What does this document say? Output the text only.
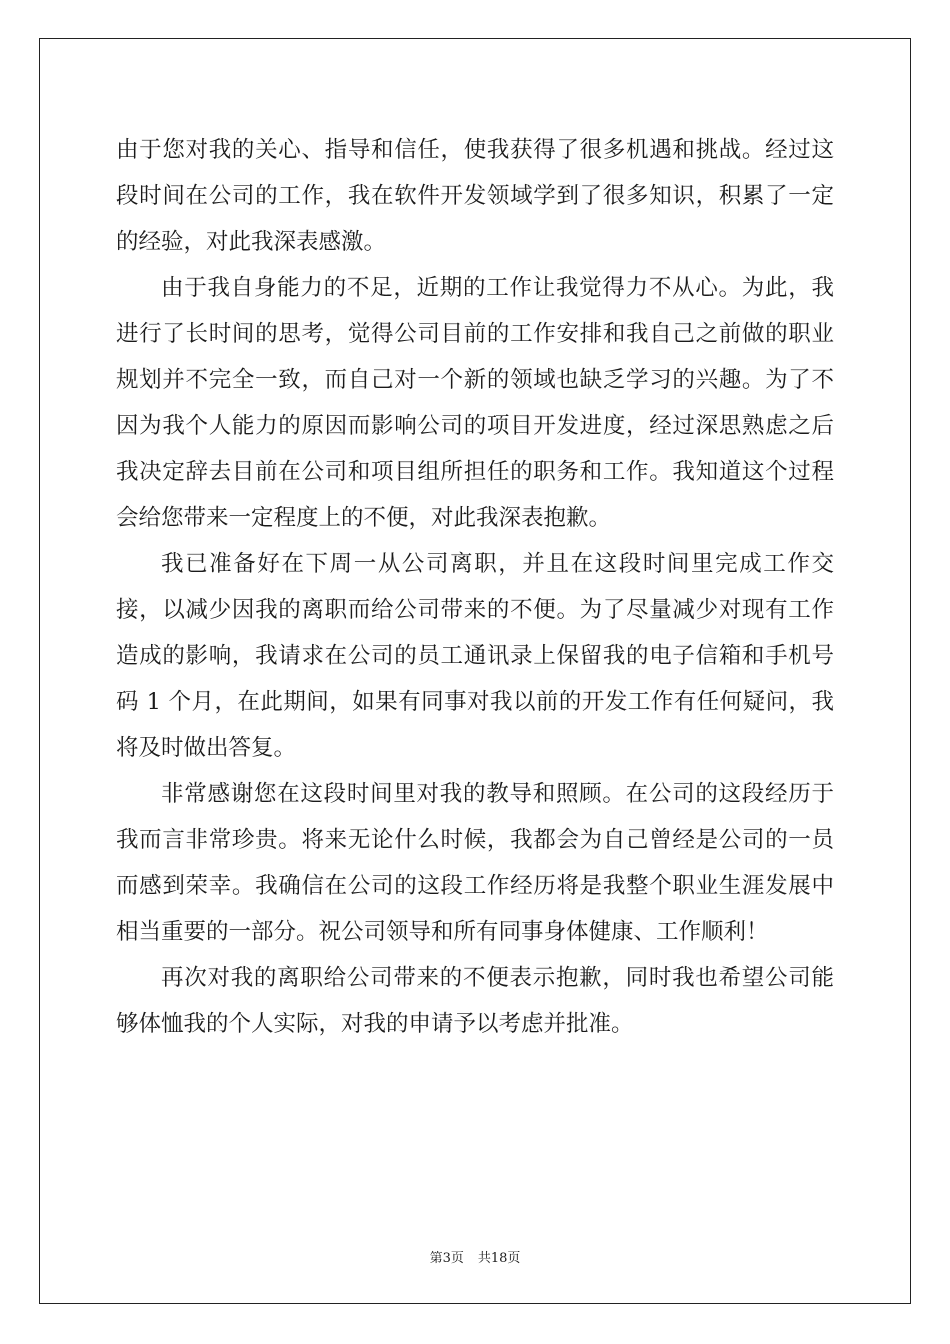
由于您对我的关心、指导和信任，使我获得了很多机遇和挑战。经过这段时间在公司的工作，我在软件开发领域学到了很多知识，积累了一定的经验，对此我深表感激。

由于我自身能力的不足，近期的工作让我觉得力不从心。为此，我进行了长时间的思考，觉得公司目前的工作安排和我自己之前做的职业规划并不完全一致，而自己对一个新的领域也缺乏学习的兴趣。为了不因为我个人能力的原因而影响公司的项目开发进度，经过深思熟虑之后我决定辞去目前在公司和项目组所担任的职务和工作。我知道这个过程会给您带来一定程度上的不便，对此我深表抱歉。

我已准备好在下周一从公司离职，并且在这段时间里完成工作交接，以减少因我的离职而给公司带来的不便。为了尽量减少对现有工作造成的影响，我请求在公司的员工通讯录上保留我的电子信箱和手机号码 1 个月，在此期间，如果有同事对我以前的开发工作有任何疑问，我将及时做出答复。

非常感谢您在这段时间里对我的教导和照顾。在公司的这段经历于我而言非常珍贵。将来无论什么时候，我都会为自己曾经是公司的一员而感到荣幸。我确信在公司的这段工作经历将是我整个职业生涯发展中相当重要的一部分。祝公司领导和所有同事身体健康、工作顺利！

再次对我的离职给公司带来的不便表示抱歉，同时我也希望公司能够体恤我的个人实际，对我的申请予以考虑并批准。

第3页 共18页
